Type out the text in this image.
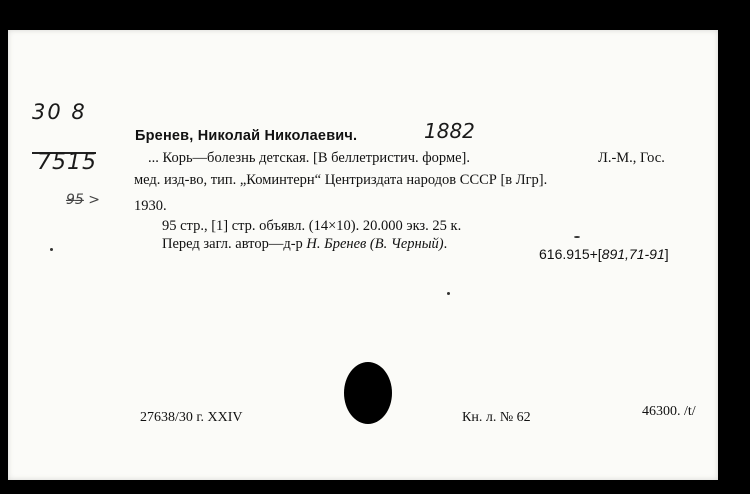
30 8
7515
9̶5̶ >
Бренев, Николай Николаевич.	1882
... Корь—болезнь детская. [В беллетристич. форме].	Л.-М., Гос.
мед. изд-во, тип. „Коминтерн“ Центриздата народов СССР [в Лгр].
1930.
95 стр., [1] стр. объявл. (14×10). 20.000 экз. 25 к.
Перед загл. автор—д-р Н. Бренев (В. Черный).
616.915+[891,71-91]
27638/30 г. XXIV	Кн. л. № 62	46300. /t/
